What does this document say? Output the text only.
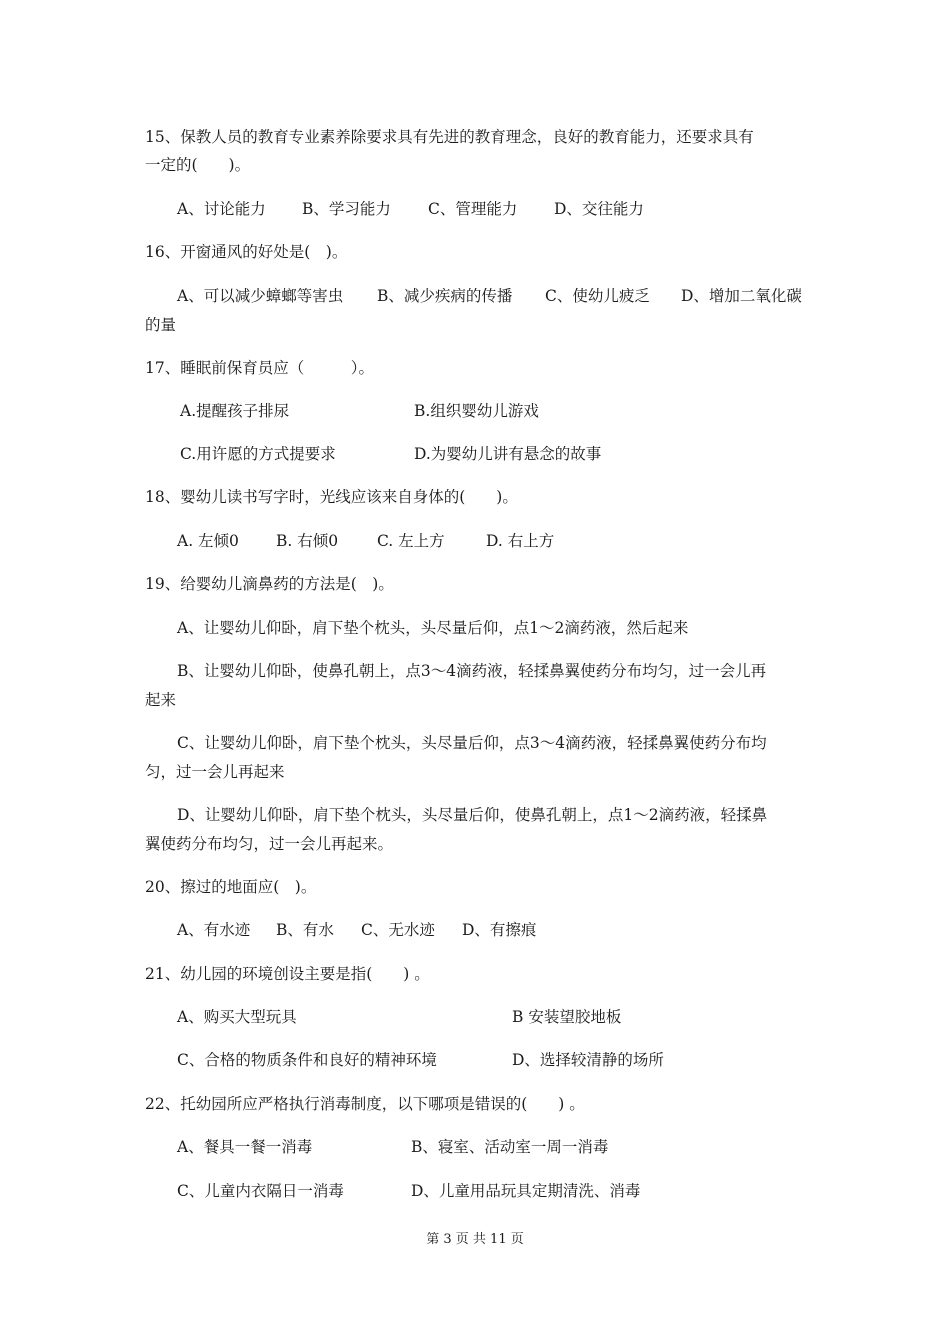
15、保教人员的教育专业素养除要求具有先进的教育理念，良好的教育能力，还要求具有
一定的(　　)。
A、讨论能力 B、学习能力 C、管理能力 D、交往能力
16、开窗通风的好处是(　)。
A、可以减少蟑螂等害虫 B、减少疾病的传播 C、使幼儿疲乏 D、增加二氧化碳
的量
17、睡眠前保育员应（　　　）。
A.提醒孩子排尿	B.组织婴幼儿游戏
C.用许愿的方式提要求	D.为婴幼儿讲有悬念的故事
18、婴幼儿读书写字时，光线应该来自身体的(　　)。
A. 左倾0 B. 右倾0	C. 左上方	D. 右上方
19、给婴幼儿滴鼻药的方法是(　)。
A、让婴幼儿仰卧，肩下垫个枕头，头尽量后仰，点1～2滴药液，然后起来
B、让婴幼儿仰卧，使鼻孔朝上，点3～4滴药液，轻揉鼻翼使药分布均匀，过一会儿再
起来
C、让婴幼儿仰卧，肩下垫个枕头，头尽量后仰，点3～4滴药液，轻揉鼻翼使药分布均
匀，过一会儿再起来
D、让婴幼儿仰卧，肩下垫个枕头，头尽量后仰，使鼻孔朝上，点1～2滴药液，轻揉鼻
翼使药分布均匀，过一会儿再起来。
20、擦过的地面应(　)。
A、有水迹 B、有水 C、无水迹 D、有擦痕
21、幼儿园的环境创设主要是指(　　) 。
A、购买大型玩具	B 安装望胶地板
C、合格的物质条件和良好的精神环境	D、选择较清静的场所
22、托幼园所应严格执行消毒制度，以下哪项是错误的(　　) 。
A、餐具一餐一消毒	B、寝室、活动室一周一消毒
C、儿童内衣隔日一消毒	D、儿童用品玩具定期清洗、消毒
第 3 页 共 11 页
